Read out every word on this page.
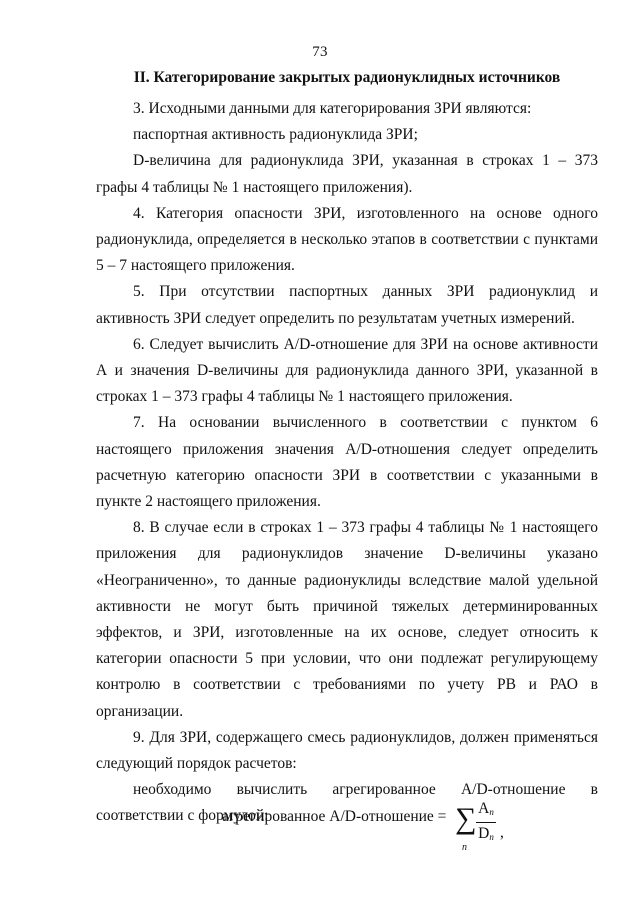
73
II. Категорирование закрытых радионуклидных источников

3. Исходными данными для категорирования ЗРИ являются:

паспортная активность радионуклида ЗРИ;

D-величина для радионуклида ЗРИ, указанная в строках 1 – 373 графы 4 таблицы № 1 настоящего приложения).

4. Категория опасности ЗРИ, изготовленного на основе одного радионуклида, определяется в несколько этапов в соответствии с пунктами 5 – 7 настоящего приложения.

5. При отсутствии паспортных данных ЗРИ радионуклид и активность ЗРИ следует определить по результатам учетных измерений.

6. Следует вычислить A/D-отношение для ЗРИ на основе активности А и значения D-величины для радионуклида данного ЗРИ, указанной в строках 1 – 373 графы 4 таблицы № 1 настоящего приложения.

7. На основании вычисленного в соответствии с пунктом 6 настоящего приложения значения A/D-отношения следует определить расчетную категорию опасности ЗРИ в соответствии с указанными в пункте 2 настоящего приложения.

8. В случае если в строках 1 – 373 графы 4 таблицы № 1 настоящего приложения для радионуклидов значение D-величины указано «Неограниченно», то данные радионуклиды вследствие малой удельной активности не могут быть причиной тяжелых детерминированных эффектов, и ЗРИ, изготовленные на их основе, следует относить к категории опасности 5 при условии, что они подлежат регулирующему контролю в соответствии с требованиями по учету РВ и РАО в организации.

9. Для ЗРИ, содержащего смесь радионуклидов, должен применяться следующий порядок расчетов:

необходимо вычислить агрегированное A/D-отношение в соответствии с формулой:

агрегированное A/D-отношение = ∑
n
$A_n$
$D_n$ ,
